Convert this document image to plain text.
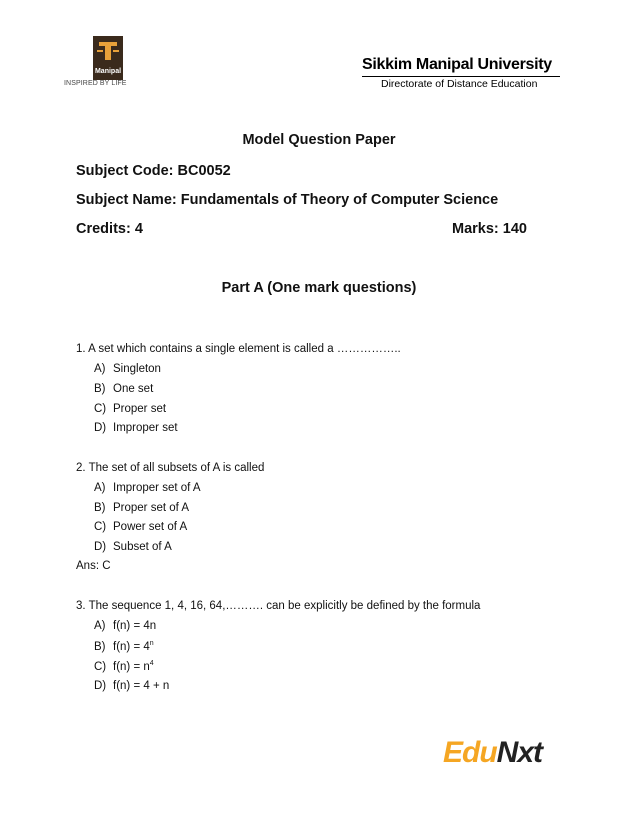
Manipal
INSPIRED BY LIFE
Sikkim Manipal University
Directorate of Distance Education
Model Question Paper
Subject Code: BC0052
Subject Name: Fundamentals of Theory of Computer Science
Credits: 4	Marks: 140
Part A (One mark questions)
1. A set which contains a single element is called a ……………..
A) Singleton
B) One set
C) Proper set
D) Improper set
2. The set of all subsets of A is called
A) Improper set of A
B) Proper set of A
C) Power set of A
D) Subset of A
Ans: C
3. The sequence 1, 4, 16, 64,………. can be explicitly be defined by the formula
A) f(n) = 4n
B) $f(n) = 4^n$
C) $f(n) = n^4$
D) f(n) = 4 + n
EduNxt
